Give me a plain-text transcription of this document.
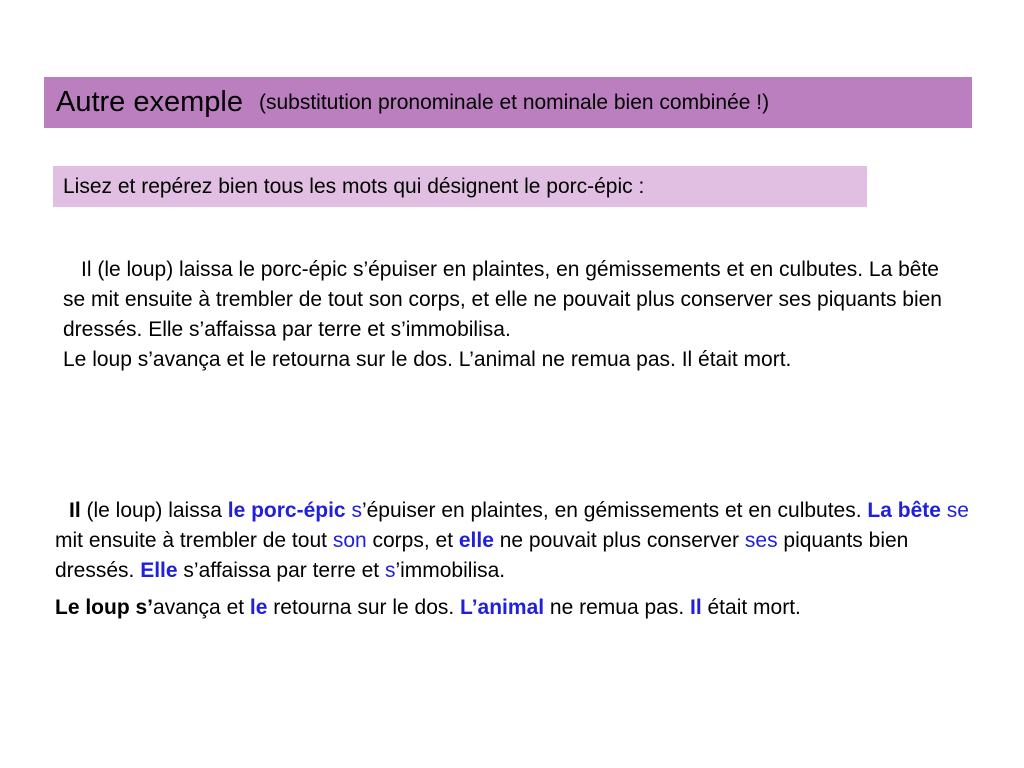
Autre exemple (substitution pronominale et nominale bien combinée !)
Lisez et repérez bien tous les mots qui désignent le porc-épic :

Il (le loup) laissa le porc-épic s’épuiser en plaintes, en gémissements et en culbutes. La bête se mit ensuite à trembler de tout son corps, et elle ne pouvait plus conserver ses piquants bien dressés. Elle s’affaissa par terre et s’immobilisa.

Le loup s’avança et le retourna sur le dos. L’animal ne remua pas. Il était mort.

Il (le loup) laissa le porc-épic s’épuiser en plaintes, en gémissements et en culbutes. La bête se mit ensuite à trembler de tout son corps, et elle ne pouvait plus conserver ses piquants bien dressés. Elle s’affaissa par terre et s’immobilisa.

Le loup s’avança et le retourna sur le dos. L’animal ne remua pas. Il était mort.
